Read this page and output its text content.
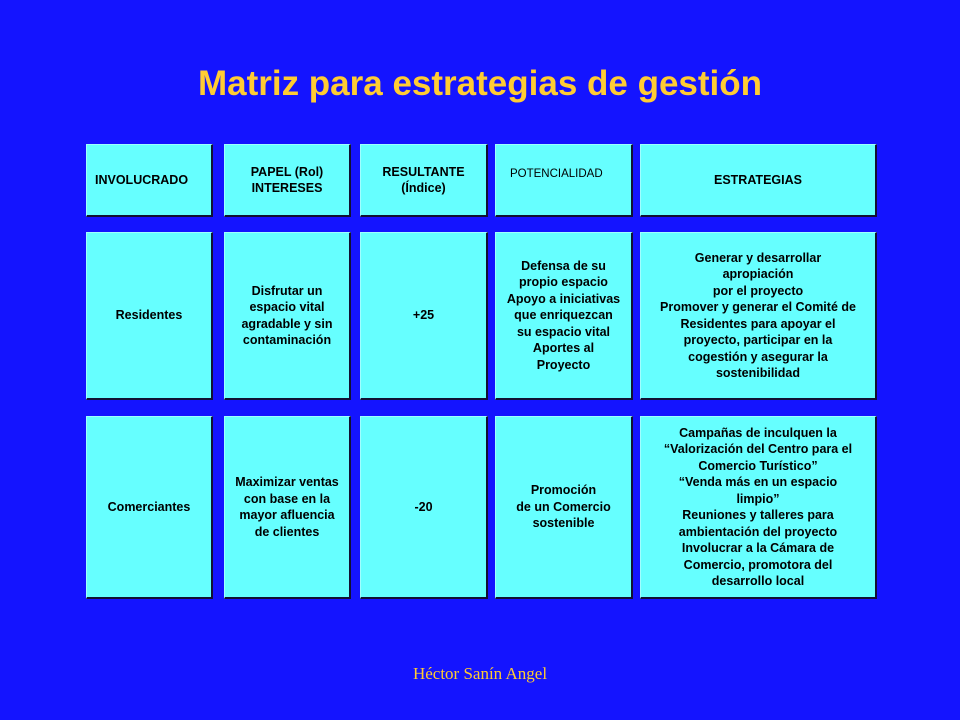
Matriz para estrategias de gestión
INVOLUCRADO
PAPEL (Rol)
INTERESES
RESULTANTE
(Índice)
POTENCIALIDAD	ESTRATEGIAS
Residentes
Disfrutar un
espacio vital
agradable y sin
contaminación
+25
Defensa de su
propio espacio
Apoyo a iniciativas
que enriquezcan
su espacio vital
Aportes al
Proyecto
Generar y desarrollar
apropiación
por el proyecto
Promover y generar el Comité de
Residentes para apoyar el
proyecto, participar en la
cogestión y asegurar la
sostenibilidad
Comerciantes
Maximizar ventas
con base en la
mayor afluencia
de clientes
-20
Promoción
de un Comercio
sostenible
Campañas de inculquen la
“Valorización del Centro para el
Comercio Turístico”
“Venda más en un espacio
limpio”
Reuniones y talleres para
ambientación del proyecto
Involucrar a la Cámara de
Comercio, promotora del
desarrollo local
Héctor Sanín Angel
